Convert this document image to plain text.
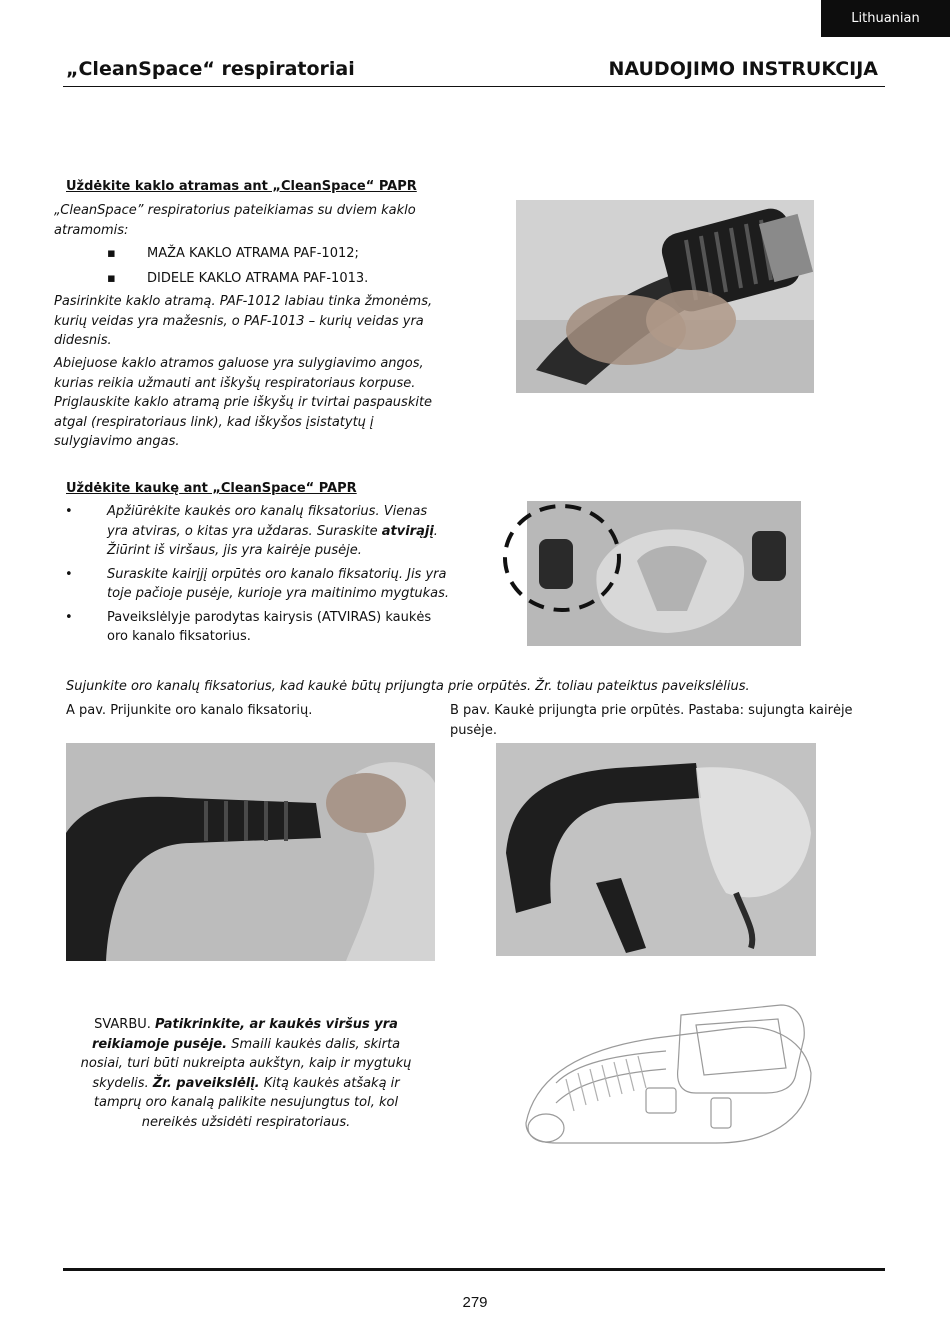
Lithuanian
„CleanSpace“ respiratoriai	NAUDOJIMO INSTRUKCIJA
Uždėkite kaklo atramas ant „CleanSpace“ PAPR
„CleanSpace” respiratorius pateikiamas su dviem kaklo atramomis:
▪ MAŽA KAKLO ATRAMA PAF-1012;
▪ DIDELE KAKLO ATRAMA PAF-1013.
Pasirinkite kaklo atramą. PAF-1012 labiau tinka žmonėms, kurių veidas yra mažesnis, o PAF-1013 – kurių veidas yra didesnis.
Abiejuose kaklo atramos galuose yra sulygiavimo angos, kurias reikia užmauti ant iškyšų respiratoriaus korpuse. Priglauskite kaklo atramą prie iškyšų ir tvirtai paspauskite atgal (respiratoriaus link), kad iškyšos įsistatytų į sulygiavimo angas.
Uždėkite kaukę ant „CleanSpace“ PAPR
• Apžiūrėkite kaukės oro kanalų fiksatorius. Vienas yra atviras, o kitas yra uždaras. Suraskite atvirąjį. Žiūrint iš viršaus, jis yra kairėje pusėje.
• Suraskite kairįjį orpūtės oro kanalo fiksatorių. Jis yra toje pačioje pusėje, kurioje yra maitinimo mygtukas.
• Paveikslėlyje parodytas kairysis (ATVIRAS) kaukės oro kanalo fiksatorius.
Sujunkite oro kanalų fiksatorius, kad kaukė būtų prijungta prie orpūtės. Žr. toliau pateiktus paveikslėlius.
A pav. Prijunkite oro kanalo fiksatorių.	B pav. Kaukė prijungta prie orpūtės. Pastaba: sujungta kairėje pusėje.
SVARBU. Patikrinkite, ar kaukės viršus yra reikiamoje pusėje. Smaili kaukės dalis, skirta nosiai, turi būti nukreipta aukštyn, kaip ir mygtukų skydelis. Žr. paveikslėlį. Kitą kaukės atšaką ir tamprų oro kanalą palikite nesujungtus tol, kol nereikės užsidėti respiratoriaus.
279
